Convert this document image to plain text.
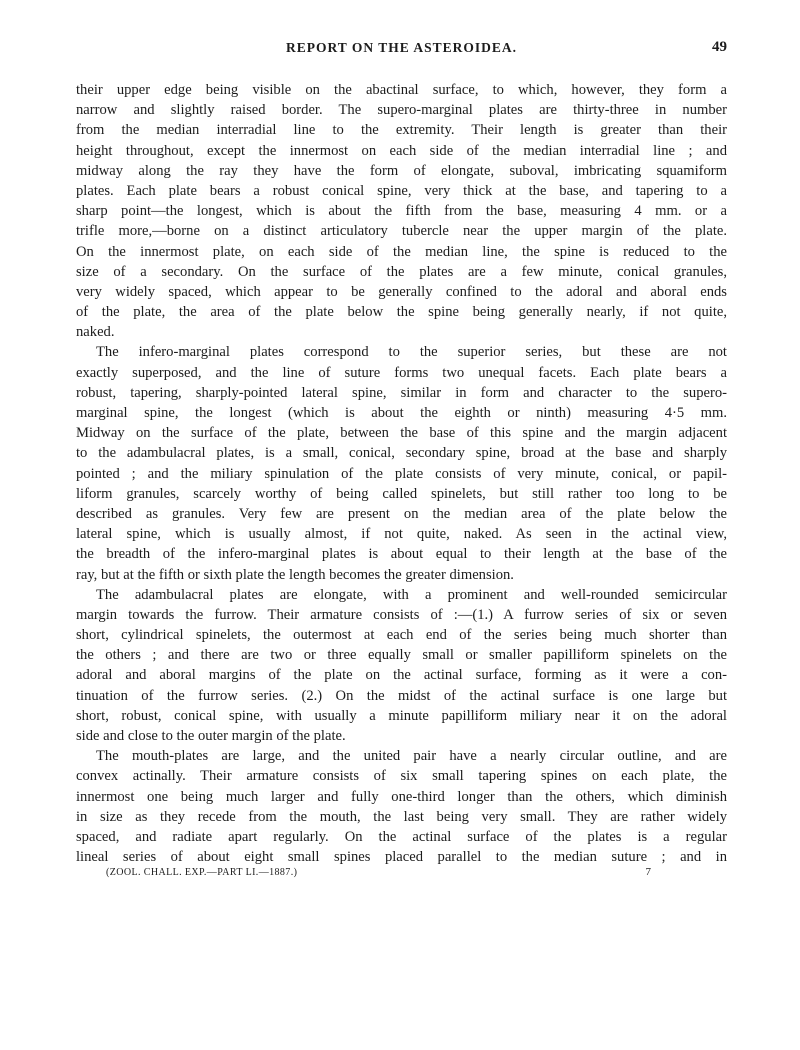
REPORT ON THE ASTEROIDEA.	49
their upper edge being visible on the abactinal surface, to which, however, they form a
narrow and slightly raised border. The supero-marginal plates are thirty-three in number
from the median interradial line to the extremity. Their length is greater than their
height throughout, except the innermost on each side of the median interradial line ; and
midway along the ray they have the form of elongate, suboval, imbricating squamiform
plates. Each plate bears a robust conical spine, very thick at the base, and tapering to a
sharp point—the longest, which is about the fifth from the base, measuring 4 mm. or a
trifle more,—borne on a distinct articulatory tubercle near the upper margin of the plate.
On the innermost plate, on each side of the median line, the spine is reduced to the
size of a secondary. On the surface of the plates are a few minute, conical granules,
very widely spaced, which appear to be generally confined to the adoral and aboral ends
of the plate, the area of the plate below the spine being generally nearly, if not quite,
naked.
The infero-marginal plates correspond to the superior series, but these are not
exactly superposed, and the line of suture forms two unequal facets. Each plate bears a
robust, tapering, sharply-pointed lateral spine, similar in form and character to the supero-
marginal spine, the longest (which is about the eighth or ninth) measuring 4·5 mm.
Midway on the surface of the plate, between the base of this spine and the margin adjacent
to the adambulacral plates, is a small, conical, secondary spine, broad at the base and sharply
pointed ; and the miliary spinulation of the plate consists of very minute, conical, or papil-
liform granules, scarcely worthy of being called spinelets, but still rather too long to be
described as granules. Very few are present on the median area of the plate below the
lateral spine, which is usually almost, if not quite, naked. As seen in the actinal view,
the breadth of the infero-marginal plates is about equal to their length at the base of the
ray, but at the fifth or sixth plate the length becomes the greater dimension.
The adambulacral plates are elongate, with a prominent and well-rounded semicircular
margin towards the furrow. Their armature consists of :—(1.) A furrow series of six or seven
short, cylindrical spinelets, the outermost at each end of the series being much shorter than
the others ; and there are two or three equally small or smaller papilliform spinelets on the
adoral and aboral margins of the plate on the actinal surface, forming as it were a con-
tinuation of the furrow series. (2.) On the midst of the actinal surface is one large but
short, robust, conical spine, with usually a minute papilliform miliary near it on the adoral
side and close to the outer margin of the plate.
The mouth-plates are large, and the united pair have a nearly circular outline, and are
convex actinally. Their armature consists of six small tapering spines on each plate, the
innermost one being much larger and fully one-third longer than the others, which diminish
in size as they recede from the mouth, the last being very small. They are rather widely
spaced, and radiate apart regularly. On the actinal surface of the plates is a regular
lineal series of about eight small spines placed parallel to the median suture ; and in
(ZOOL. CHALL. EXP.—PART LI.—1887.)	7
